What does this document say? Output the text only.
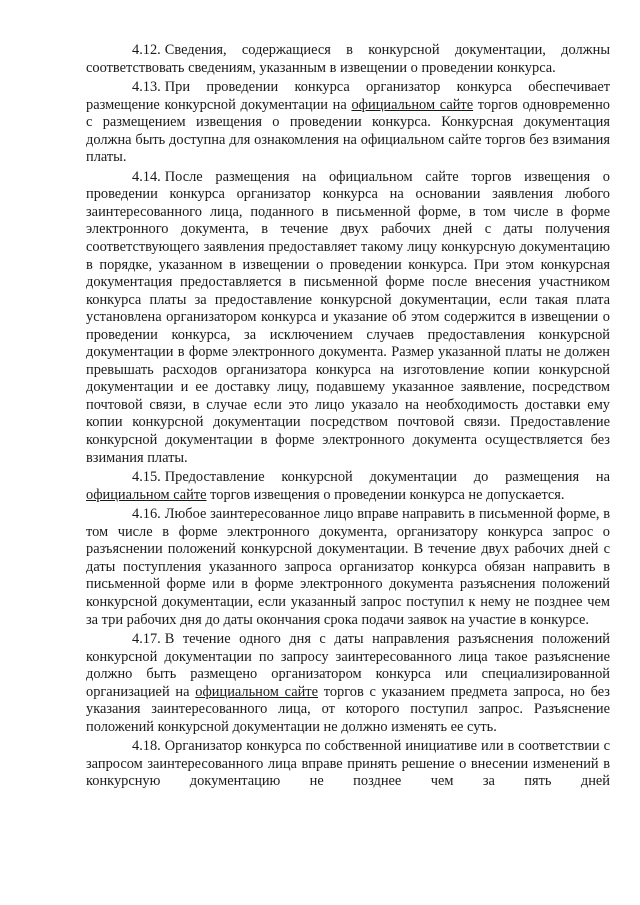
4.12. Сведения, содержащиеся в конкурсной документации, должны соответствовать сведениям, указанным в извещении о проведении конкурса.

4.13. При проведении конкурса организатор конкурса обеспечивает размещение конкурсной документации на официальном сайте торгов одновременно с размещением извещения о проведении конкурса. Конкурсная документация должна быть доступна для ознакомления на официальном сайте торгов без взимания платы.

4.14. После размещения на официальном сайте торгов извещения о проведении конкурса организатор конкурса на основании заявления любого заинтересованного лица, поданного в письменной форме, в том числе в форме электронного документа, в течение двух рабочих дней с даты получения соответствующего заявления предоставляет такому лицу конкурсную документацию в порядке, указанном в извещении о проведении конкурса. При этом конкурсная документация предоставляется в письменной форме после внесения участником конкурса платы за предоставление конкурсной документации, если такая плата установлена организатором конкурса и указание об этом содержится в извещении о проведении конкурса, за исключением случаев предоставления конкурсной документации в форме электронного документа. Размер указанной платы не должен превышать расходов организатора конкурса на изготовление копии конкурсной документации и ее доставку лицу, подавшему указанное заявление, посредством почтовой связи, в случае если это лицо указало на необходимость доставки ему копии конкурсной документации посредством почтовой связи. Предоставление конкурсной документации в форме электронного документа осуществляется без взимания платы.

4.15. Предоставление конкурсной документации до размещения на официальном сайте торгов извещения о проведении конкурса не допускается.

4.16. Любое заинтересованное лицо вправе направить в письменной форме, в том числе в форме электронного документа, организатору конкурса запрос о разъяснении положений конкурсной документации. В течение двух рабочих дней с даты поступления указанного запроса организатор конкурса обязан направить в письменной форме или в форме электронного документа разъяснения положений конкурсной документации, если указанный запрос поступил к нему не позднее чем за три рабочих дня до даты окончания срока подачи заявок на участие в конкурсе.

4.17. В течение одного дня с даты направления разъяснения положений конкурсной документации по запросу заинтересованного лица такое разъяснение должно быть размещено организатором конкурса или специализированной организацией на официальном сайте торгов с указанием предмета запроса, но без указания заинтересованного лица, от которого поступил запрос. Разъяснение положений конкурсной документации не должно изменять ее суть.

4.18. Организатор конкурса по собственной инициативе или в соответствии с запросом заинтересованного лица вправе принять решение о внесении изменений в конкурсную документацию не позднее чем за пять дней
